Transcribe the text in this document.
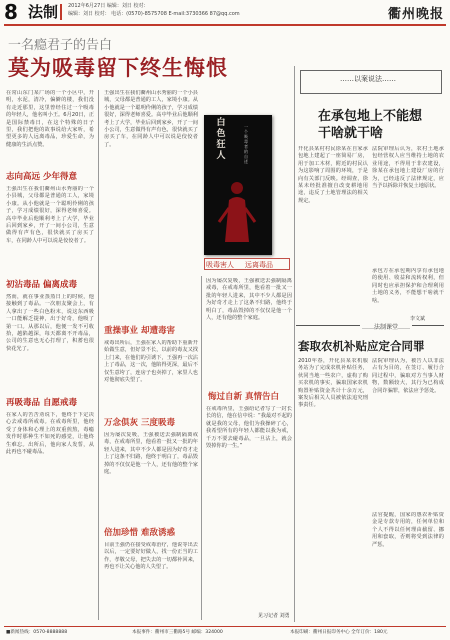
8 法制 2012年6月27日 编辑：刘日 校对：
编辑：刘日 校对： 电话：(0570)-8575708 E-mail:3730366 87@qq.com	衢州晚报
一名瘾君子的告白
莫为吸毒留下终生悔恨
在常山东门某广场的一个小区中，开明，水泥，清冷，偏僻的楼，我们没有走近那里，这里曾经住过一个吸毒的年轻人，他名叫小王。6月20日，正是国际禁毒日，在这个特殊的日子里，我们把他的故事说给大家听，希望更多的人远离毒品，珍爱生命，为健康的生活点赞。
志向高远 少年得意
王强出生在我们衢州山水秀丽的一个小县城，父母都是普通的工人，家境小康。从小他就是一个聪明伶俐的孩子，学习成绩很好，深得老师喜爱。高中毕业后他顺利考上了大学，毕业后回到家乡，开了一间小公司，生意做得有声有色，很快就买了房买了车，在同龄人中可以说是佼佼者了。
初沾毒品 偏离成毒
然而，就在事业蒸蒸日上的时候，他接触到了毒品。一次朋友聚会上，有人拿出了一些白色粉末，说这东西吸一口能解乏提神，出于好奇，他吸了第一口。从那以后，他便一发不可收拾，越陷越深，每天都离不开毒品，公司的生意也无心打理了，积蓄也很快花光了。
再吸毒品 自愿戒毒
在家人的苦苦劝说下，他终于下定决心去戒毒所戒毒。在戒毒所里，他经受了身体和心理上的双重煎熬，毒瘾发作时那种生不如死的感觉，让他终生难忘。出所后，他向家人发誓，从此再也不碰毒品。
王强出生在我们衢州山水秀丽的一个小县城，父母都是普通的工人，家境小康。从小他就是一个聪明伶俐的孩子，学习成绩很好，深得老师喜爱。高中毕业后他顺利考上了大学，毕业后回到家乡，开了一间小公司，生意做得有声有色，很快就买了房买了车，在同龄人中可以说是佼佼者了。
白色狂人
一个吸毒者的自述
吸毒害人 远离毒品
重操事业 却遭毒害
戒毒出所后，王强在家人的帮助下重新开始做生意，但好景不长，以前的毒友又找上门来，在他们的引诱下，王强再一次沾上了毒品，这一次，他陷得更深，最后不仅生意垮了，连房子也卖掉了，家里人也对他彻底失望了。
万念俱灰 三度吸毒
因为屡次复吸，王强被送去强制隔离戒毒，在戒毒所里，他看着一批又一批的年轻人进来，其中不少人都是因为好奇才走上了这条不归路，他终于明白了，毒品毁掉的不仅仅是他一个人，还有他的整个家庭。
倍加珍惜 难敌诱惑
目前王强仍在接受戒毒治疗，他说等出去以后，一定要好好做人，找一份正当的工作，孝敬父母，把失去的一切都补回来，再也不让关心他的人失望了。
因为屡次复吸，王强被送去强制隔离戒毒，在戒毒所里，他看着一批又一批的年轻人进来，其中不少人都是因为好奇才走上了这条不归路，他终于明白了，毒品毁掉的不仅仅是他一个人，还有他的整个家庭。
悔过自新 真情告白
在戒毒所里，王强给记者写了一封长长的信，他在信中说：“我最对不起的就是我的父母，他们为我操碎了心，我希望所有的年轻人都能以我为戒，千万不要去碰毒品，一旦沾上，就会毁掉你的一生。”
见习记者 刘勇
……以案说法……
在承包地上不能想干啥就干啥
开化县某村村民徐某在自家承包地上建起了一座简易厂房，用于加工木材，附近的村民认为这影响了周围的环境，于是向有关部门反映。经调查，徐某未经批准擅自改变耕地用途，违反了土地管理法的相关规定。
法院审理后认为，农村土地承包经营权人应当维持土地的农业用途，不得用于非农建设，徐某在承包地上建设厂房的行为，已经违反了法律规定，应当予以拆除并恢复土地原状。
承包方在承包期内享有承包地的使用、收益和流转权利，但同时也应承担保护和合理利用土地的义务，不能想干啥就干啥。
李文斌
……法制课堂……
套取农机补贴应定合同罪
2010年春，开化县某农机服务站为了完成农机补贴任务，伙同当地一些农户，虚构了购买农机的事实，骗取国家农机购置补贴资金共计十余万元，案发后相关人员被依法追究刑事责任。
法院审理认为，被告人以非法占有为目的，在签订、履行合同过程中，骗取对方当事人财物，数额较大，其行为已构成合同诈骗罪，依法应予惩处。
法官提醒，国家的惠农补贴资金是专款专用的，任何单位和个人不得以任何理由截留、挪用和套取，否则将受到法律的严惩。
■新闻热线：0570-8888888	本报事件：衢州市三衢路5号 邮编：324000	本报印刷：衢州日报印务中心 全年订价：180元
